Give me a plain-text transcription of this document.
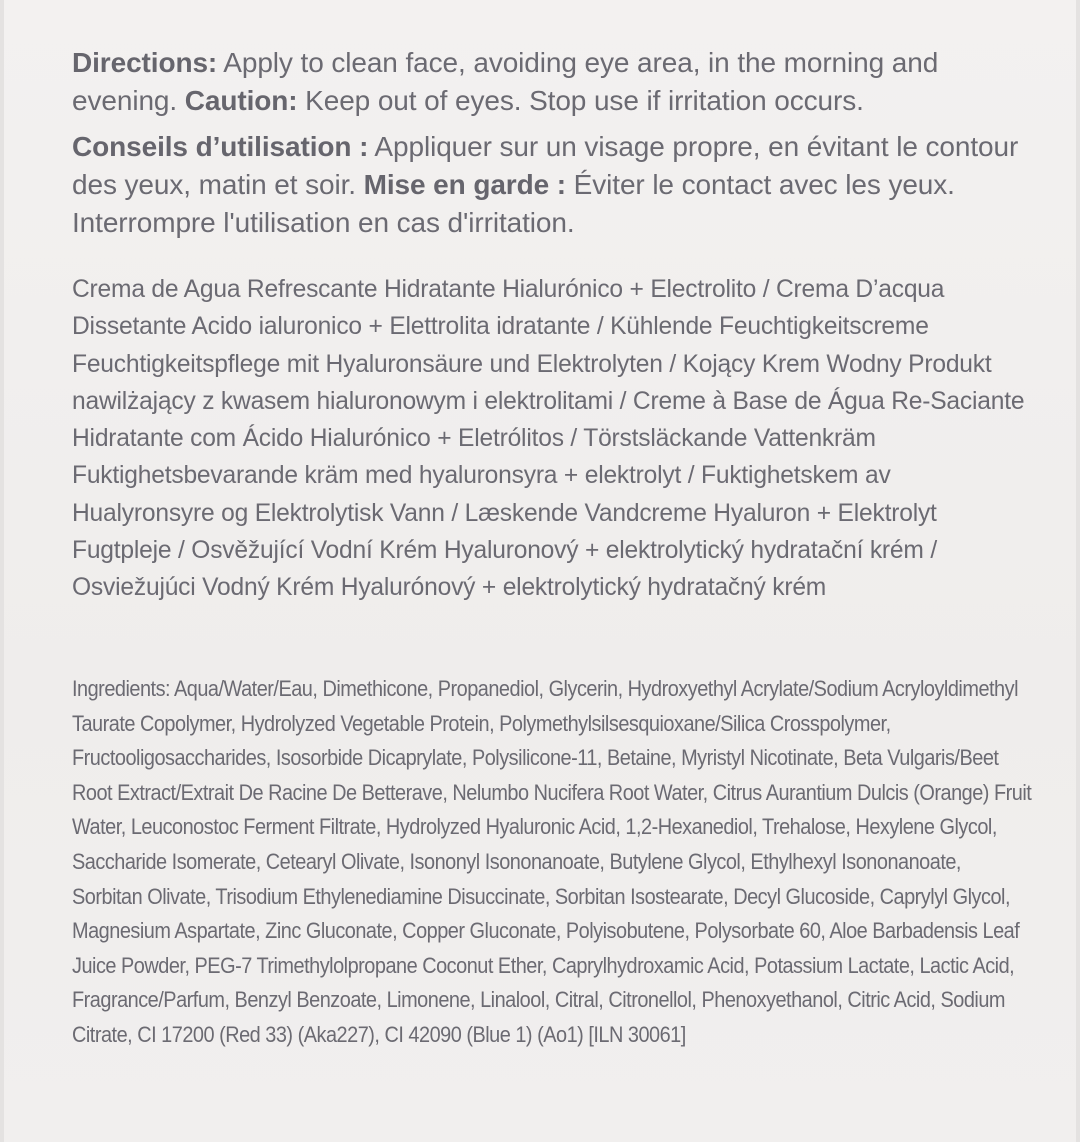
Directions: Apply to clean face, avoiding eye area, in the morning and evening. Caution: Keep out of eyes. Stop use if irritation occurs.

Conseils d’utilisation : Appliquer sur un visage propre, en évitant le contour des yeux, matin et soir. Mise en garde : Éviter le contact avec les yeux. Interrompre l'utilisation en cas d'irritation.

Crema de Agua Refrescante Hidratante Hialurónico + Electrolito / Crema D’acqua Dissetante Acido ialuronico + Elettrolita idratante / Kühlende Feuchtigkeitscreme Feuchtigkeitspflege mit Hyaluronsäure und Elektrolyten / Kojący Krem Wodny Produkt nawilżający z kwasem hialuronowym i elektrolitami / Creme à Base de Água Re-Saciante Hidratante com Ácido Hialurónico + Eletrólitos / Törstsläckande Vattenkräm Fuktighetsbevarande kräm med hyaluronsyra + elektrolyt / Fuktighetskem av Hualyronsyre og Elektrolytisk Vann / Læskende Vandcreme Hyaluron + Elektrolyt Fugtpleje / Osvěžující Vodní Krém Hyaluronový + elektrolytický hydratační krém / Osviežujúci Vodný Krém Hyalurónový + elektrolytický hydratačný krém

Ingredients: Aqua/Water/Eau, Dimethicone, Propanediol, Glycerin, Hydroxyethyl Acrylate/Sodium Acryloyldimethyl Taurate Copolymer, Hydrolyzed Vegetable Protein, Polymethylsilsesquioxane/Silica Crosspolymer, Fructooligosaccharides, Isosorbide Dicaprylate, Polysilicone-11, Betaine, Myristyl Nicotinate, Beta Vulgaris/Beet Root Extract/Extrait De Racine De Betterave, Nelumbo Nucifera Root Water, Citrus Aurantium Dulcis (Orange) Fruit Water, Leuconostoc Ferment Filtrate, Hydrolyzed Hyaluronic Acid, 1,2-Hexanediol, Trehalose, Hexylene Glycol, Saccharide Isomerate, Cetearyl Olivate, Isononyl Isononanoate, Butylene Glycol, Ethylhexyl Isononanoate, Sorbitan Olivate, Trisodium Ethylenediamine Disuccinate, Sorbitan Isostearate, Decyl Glucoside, Caprylyl Glycol, Magnesium Aspartate, Zinc Gluconate, Copper Gluconate, Polyisobutene, Polysorbate 60, Aloe Barbadensis Leaf Juice Powder, PEG-7 Trimethylolpropane Coconut Ether, Caprylhydroxamic Acid, Potassium Lactate, Lactic Acid, Fragrance/Parfum, Benzyl Benzoate, Limonene, Linalool, Citral, Citronellol, Phenoxyethanol, Citric Acid, Sodium Citrate, CI 17200 (Red 33) (Aka227), CI 42090 (Blue 1) (Ao1) [ILN 30061]
